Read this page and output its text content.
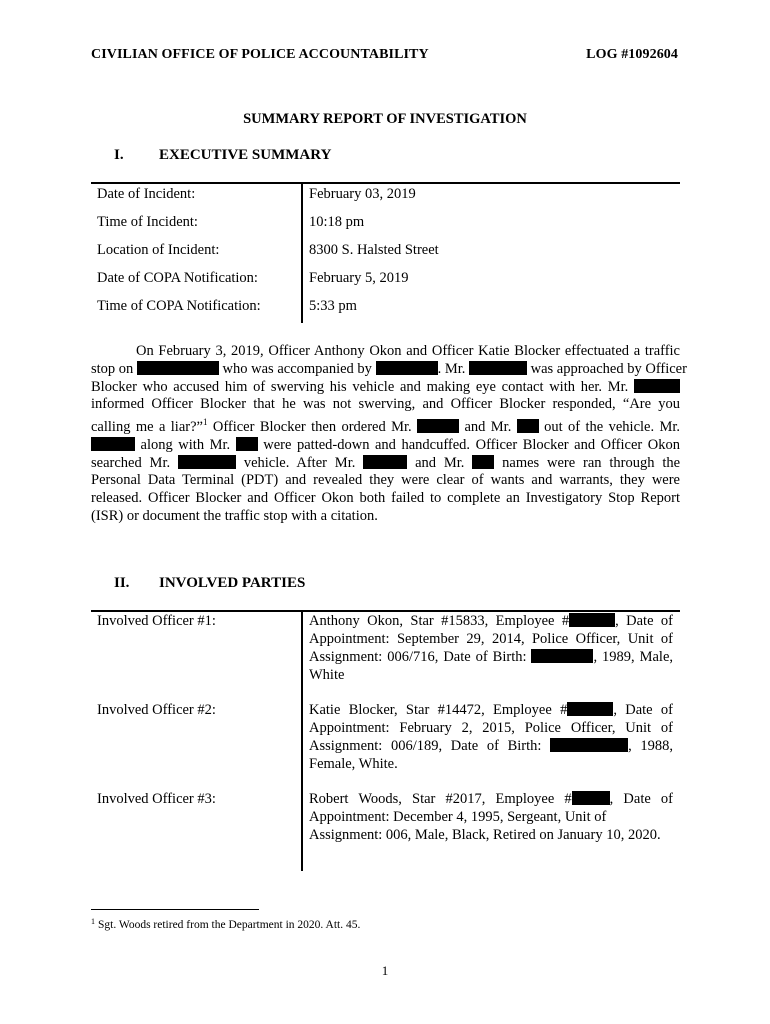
CIVILIAN OFFICE OF POLICE ACCOUNTABILITY	LOG #1092604
SUMMARY REPORT OF INVESTIGATION
I. EXECUTIVE SUMMARY
Date of Incident:	February 03, 2019
Time of Incident:	10:18 pm
Location of Incident:	8300 S. Halsted Street
Date of COPA Notification:	February 5, 2019
Time of COPA Notification:	5:33 pm
On February 3, 2019, Officer Anthony Okon and Officer Katie Blocker effectuated a traffic
stop on	who was accompanied by	. Mr.	was approached by Officer
Blocker who accused him of swerving his vehicle and making eye contact with her. Mr.
informed Officer Blocker that he was not swerving, and Officer Blocker responded, “Are you
calling me a liar?”$^1$ Officer Blocker then ordered Mr.	and Mr. out of the vehicle. Mr.
along with Mr. were patted-down and handcuffed. Officer Blocker and Officer Okon
searched Mr.	vehicle. After Mr.	and Mr.	names were ran through the
Personal Data Terminal (PDT) and revealed they were clear of wants and warrants, they were
released. Officer Blocker and Officer Okon both failed to complete an Investigatory Stop Report
(ISR) or document the traffic stop with a citation.
II. INVOLVED PARTIES
Involved Officer #1:	Anthony Okon, Star #15833, Employee #	, Date of
Appointment: September 29, 2014, Police Officer, Unit of
Assignment: 006/716, Date of Birth:	, 1989, Male,
White
Involved Officer #2:	Katie Blocker, Star #14472, Employee #	, Date of
Appointment: February 2, 2015, Police Officer, Unit of
Assignment: 006/189, Date of Birth:	, 1988,
Female, White.
Involved Officer #3:	Robert Woods, Star #2017, Employee #	, Date of
Appointment: December 4, 1995, Sergeant, Unit of
Assignment: 006, Male, Black, Retired on January 10, 2020.
$^1$ Sgt. Woods retired from the Department in 2020. Att. 45.
1
